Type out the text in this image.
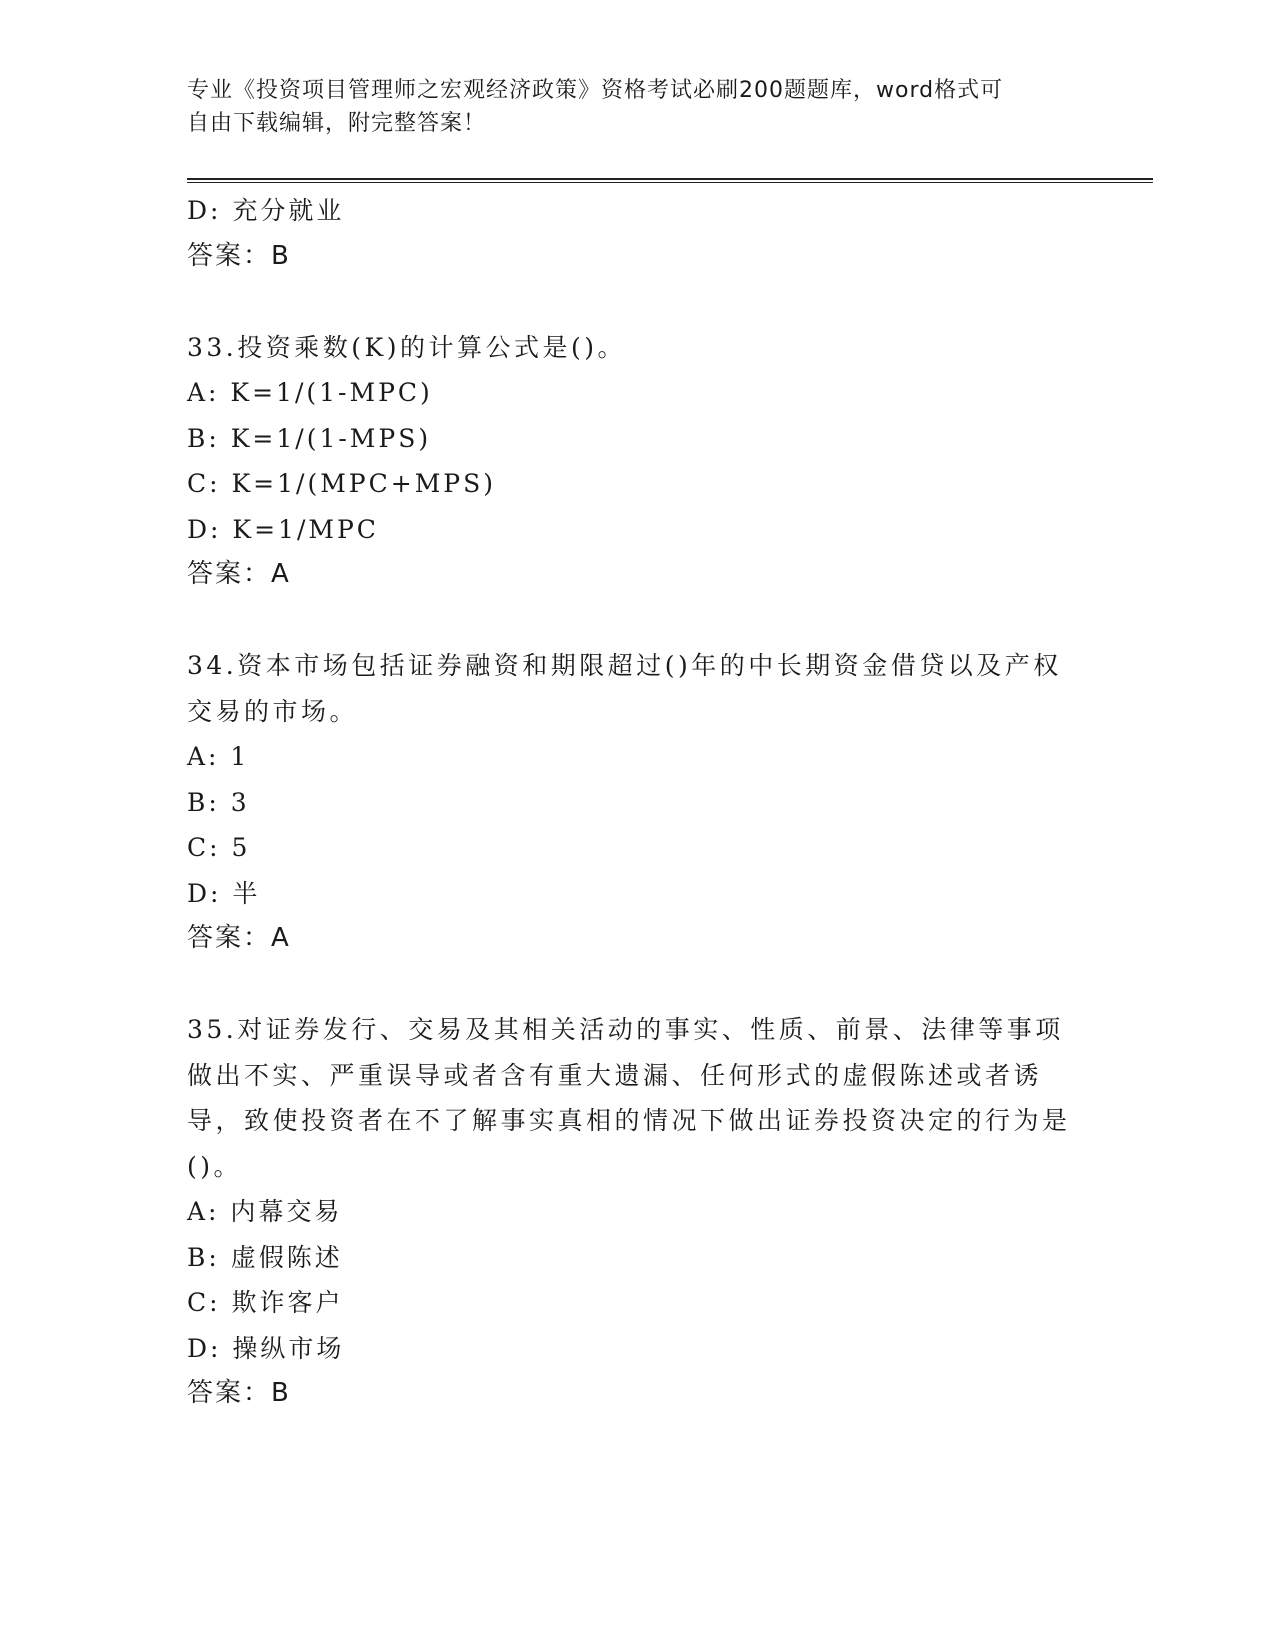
专业《投资项目管理师之宏观经济政策》资格考试必刷200题题库，word格式可
自由下载编辑，附完整答案！
D: 充分就业
答案：B
33.投资乘数(K)的计算公式是()。
A: K=1/(1-MPC)
B: K=1/(1-MPS)
C: K=1/(MPC+MPS)
D: K=1/MPC
答案：A
34.资本市场包括证券融资和期限超过()年的中长期资金借贷以及产权交易的市场。
A: 1
B: 3
C: 5
D: 半
答案：A
35.对证券发行、交易及其相关活动的事实、性质、前景、法律等事项做出不实、严重误导或者含有重大遗漏、任何形式的虚假陈述或者诱导，致使投资者在不了解事实真相的情况下做出证券投资决定的行为是()。
A: 内幕交易
B: 虚假陈述
C: 欺诈客户
D: 操纵市场
答案：B
